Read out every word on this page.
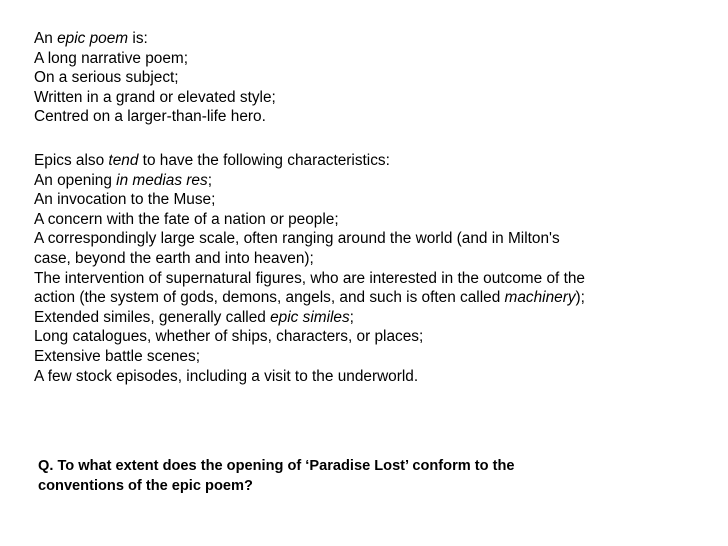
An epic poem is:
A long narrative poem;
On a serious subject;
Written in a grand or elevated style;
Centred on a larger-than-life hero.
Epics also tend to have the following characteristics:
An opening in medias res;
An invocation to the Muse;
A concern with the fate of a nation or people;
A correspondingly large scale, often ranging around the world (and in Milton's
case, beyond the earth and into heaven);
The intervention of supernatural figures, who are interested in the outcome of the
action (the system of gods, demons, angels, and such is often called machinery);
Extended similes, generally called epic similes;
Long catalogues, whether of ships, characters, or places;
Extensive battle scenes;
A few stock episodes, including a visit to the underworld.
Q. To what extent does the opening of ‘Paradise Lost’ conform to the
conventions of the epic poem?
